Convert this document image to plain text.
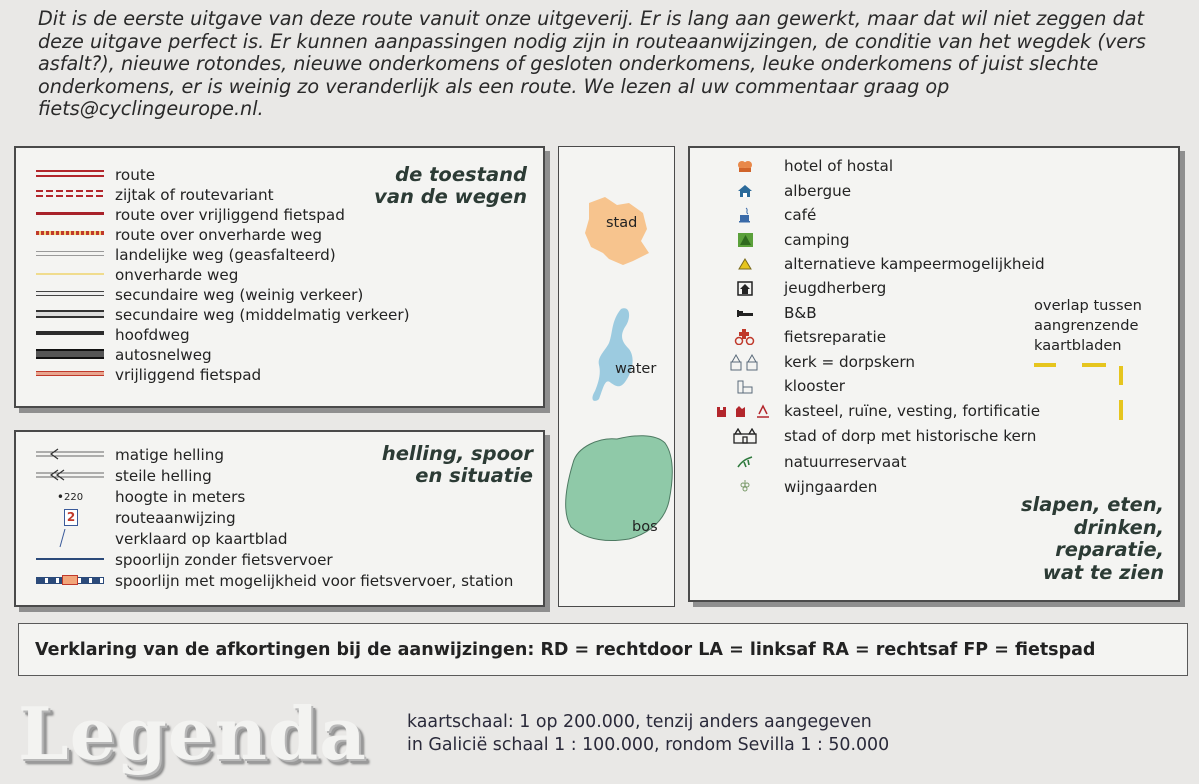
Dit is de eerste uitgave van deze route vanuit onze uitgeverij. Er is lang aan gewerkt, maar dat wil niet zeggen dat deze uitgave perfect is. Er kunnen aanpassingen nodig zijn in routeaanwijzingen, de conditie van het wegdek (vers asfalt?), nieuwe rotondes, nieuwe onderkomens of gesloten onderkomens, leuke onderkomens of juist slechte onderkomens, er is weinig zo veranderlijk als een route. We lezen al uw commentaar graag op fiets@cyclingeurope.nl.

de toestand
van de wegen
route
zijtak of routevariant
route over vrijliggend fietspad
route over onverharde weg
landelijke weg (geasfalteerd)
onverharde weg
secundaire weg (weinig verkeer)
secundaire weg (middelmatig verkeer)
hoofdweg
autosnelweg
vrijliggend fietspad
helling, spoor
en situatie
matige helling
steile helling
• 220 hoogte in meters
2	routeaanwijzing
verklaard op kaartblad
spoorlijn zonder fietsvervoer
spoorlijn met mogelijkheid voor fietsvervoer, station
stad
water
bos
hotel of hostal
albergue
café
camping
alternatieve kampeermogelijkheid
jeugdherberg
B&B
fietsreparatie
kerk = dorpskern
klooster
kasteel, ruïne, vesting, fortificatie
stad of dorp met historische kern
natuurreservaat
wijngaarden
overlap tussen
aangrenzende
kaartbladen
slapen, eten,
drinken,
reparatie,
wat te zien
Verklaring van de afkortingen bij de aanwijzingen: RD = rechtdoor LA = linksaf RA = rechtsaf FP = fietspad
Legenda kaartschaal: 1 op 200.000, tenzij anders aangegeven
in Galicië schaal 1 : 100.000, rondom Sevilla 1 : 50.000
